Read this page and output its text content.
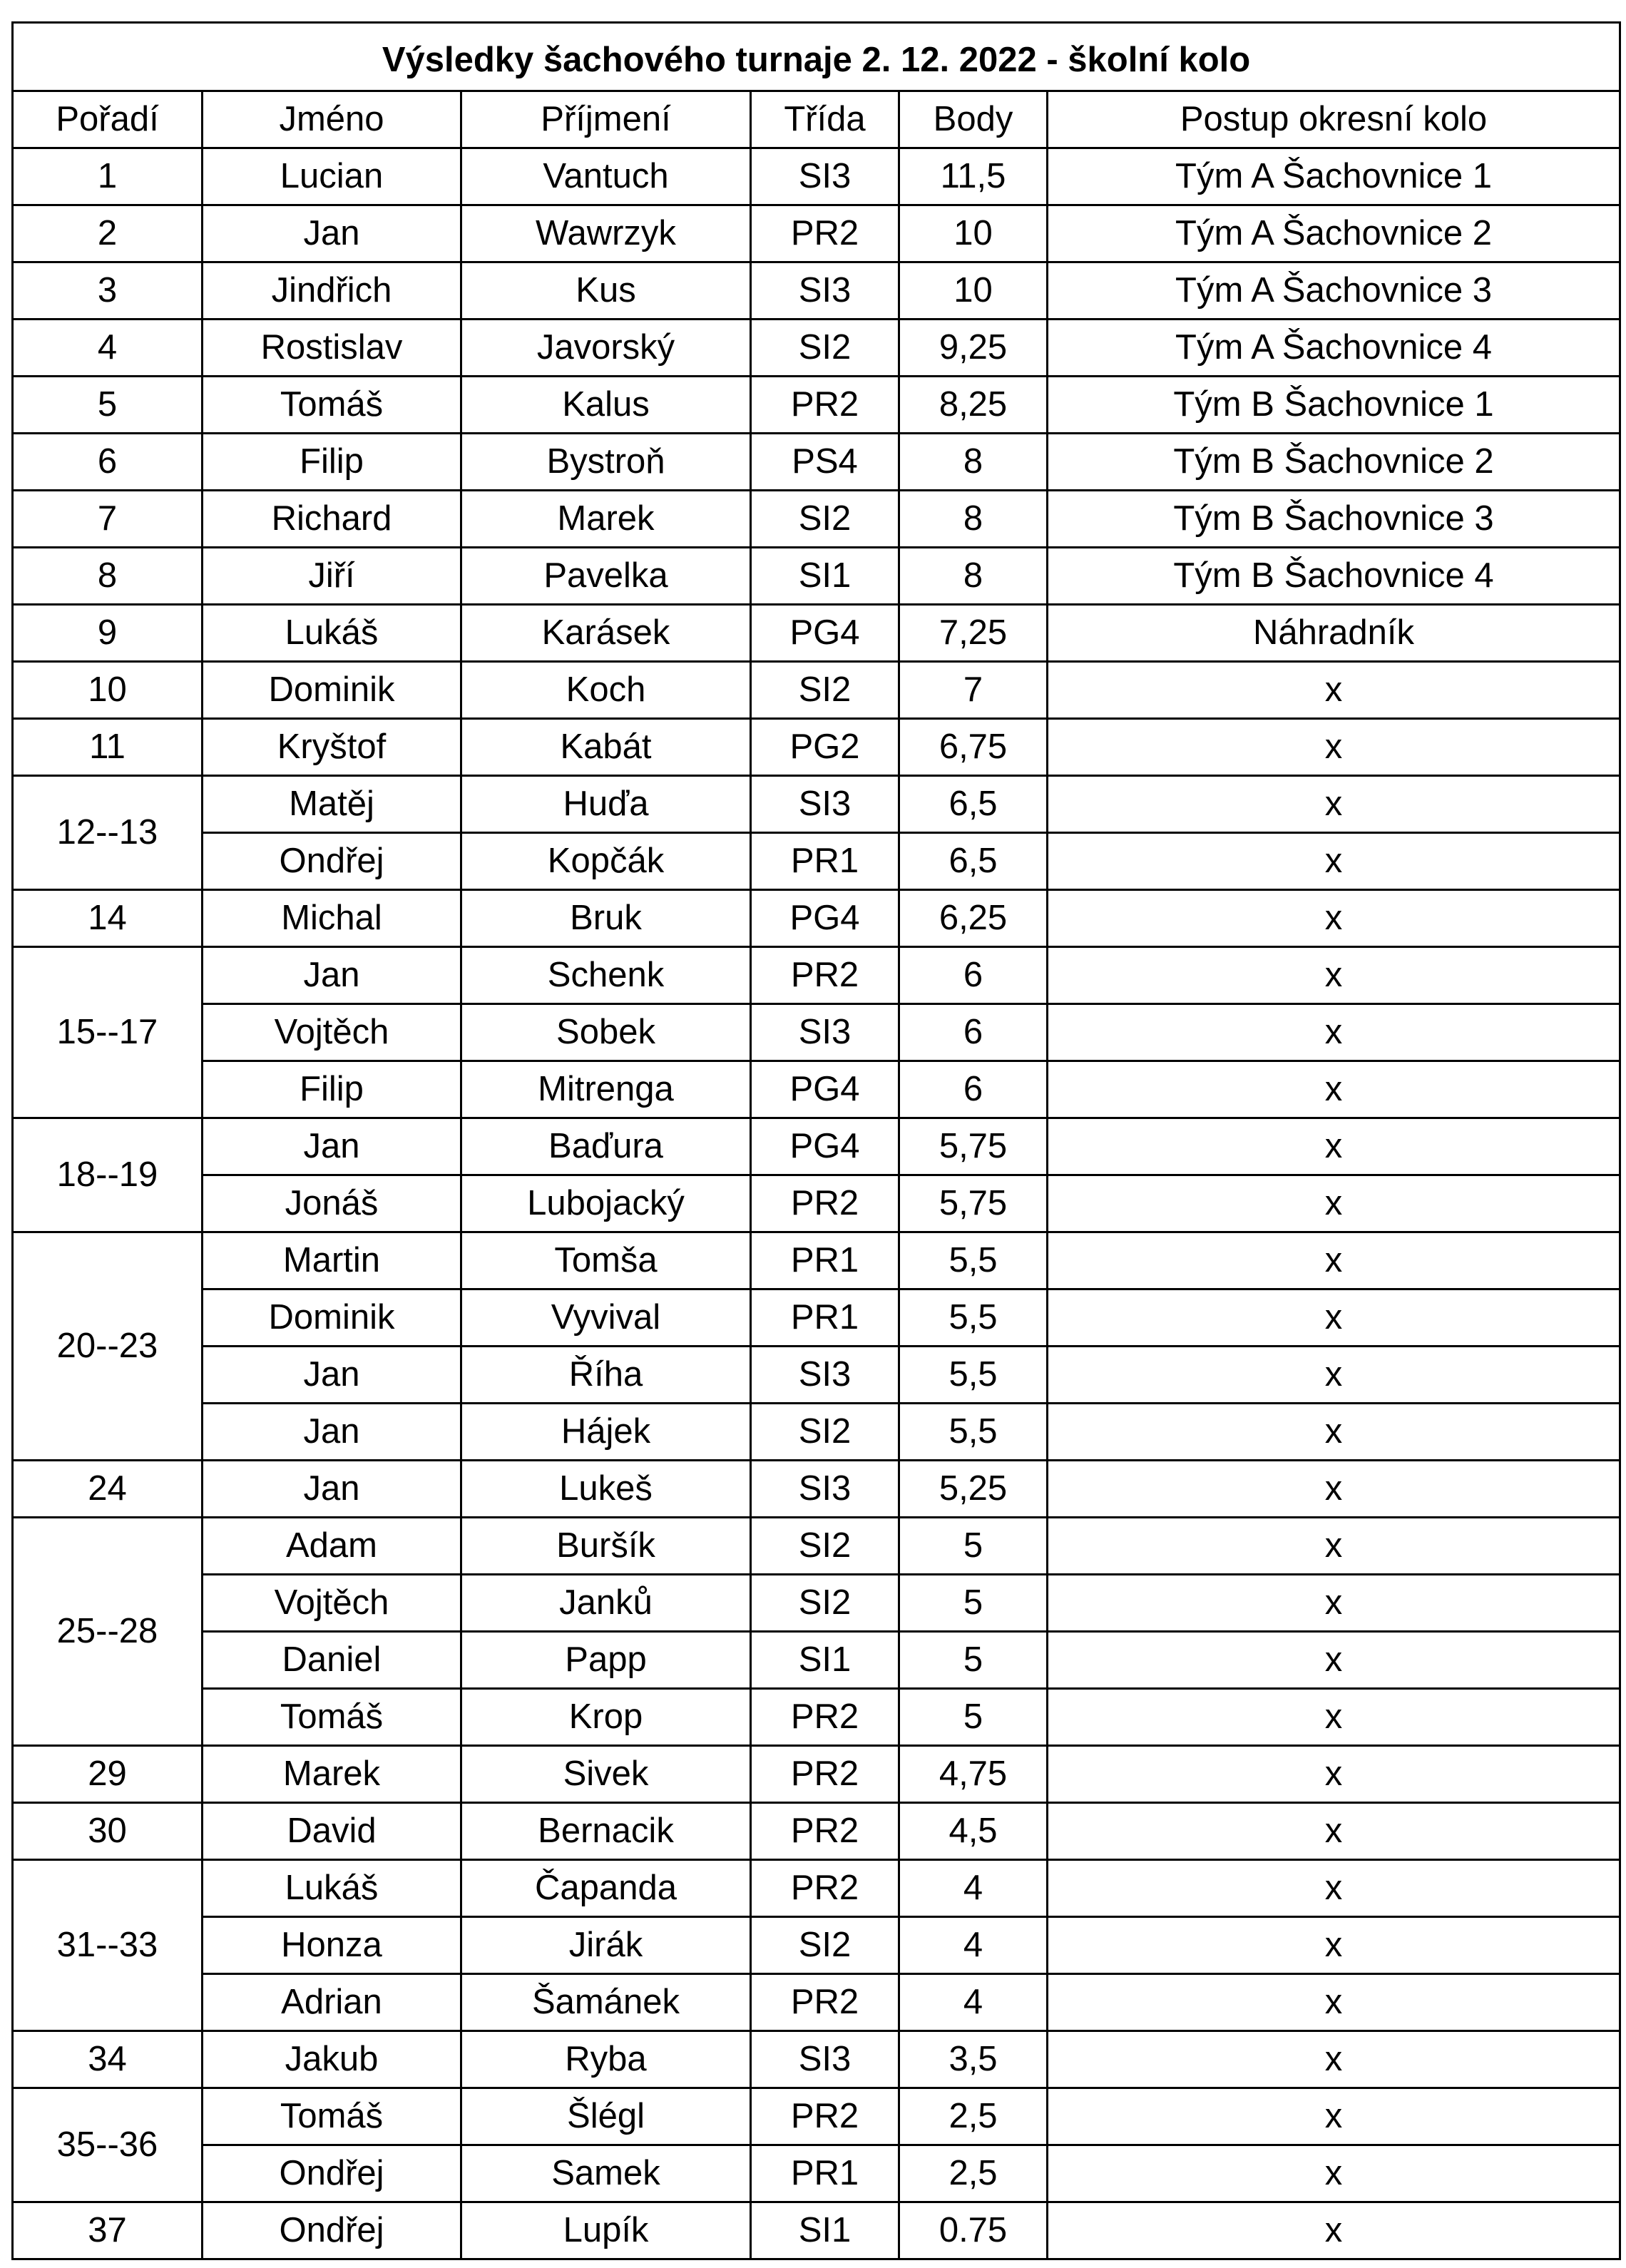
Výsledky šachového turnaje 2. 12. 2022 - školní kolo					
Pořadí	Jméno	Příjmení	Třída	Body	Postup okresní kolo
1	Lucian	Vantuch	SI3	11,5	Tým A Šachovnice 1
2	Jan	Wawrzyk	PR2	10	Tým A Šachovnice 2
3	Jindřich	Kus	SI3	10	Tým A Šachovnice 3
4	Rostislav	Javorský	SI2	9,25	Tým A Šachovnice 4
5	Tomáš	Kalus	PR2	8,25	Tým B Šachovnice 1
6	Filip	Bystroň	PS4	8	Tým B Šachovnice 2
7	Richard	Marek	SI2	8	Tým B Šachovnice 3
8	Jiří	Pavelka	SI1	8	Tým B Šachovnice 4
9	Lukáš	Karásek	PG4	7,25	Náhradník
10	Dominik	Koch	SI2	7	x
11	Kryštof	Kabát	PG2	6,75	x
12--13	Matěj	Huďa	SI3	6,5	x
	Ondřej	Kopčák	PR1	6,5	x
14	Michal	Bruk	PG4	6,25	x
15--17	Jan	Schenk	PR2	6	x
	Vojtěch	Sobek	SI3	6	x
	Filip	Mitrenga	PG4	6	x
18--19	Jan	Baďura	PG4	5,75	x
	Jonáš	Lubojacký	PR2	5,75	x
20--23	Martin	Tomša	PR1	5,5	x
	Dominik	Vyvival	PR1	5,5	x
	Jan	Říha	SI3	5,5	x
	Jan	Hájek	SI2	5,5	x
24	Jan	Lukeš	SI3	5,25	x
25--28	Adam	Buršík	SI2	5	x
	Vojtěch	Janků	SI2	5	x
	Daniel	Papp	SI1	5	x
	Tomáš	Krop	PR2	5	x
29	Marek	Sivek	PR2	4,75	x
30	David	Bernacik	PR2	4,5	x
31--33	Lukáš	Čapanda	PR2	4	x
	Honza	Jirák	SI2	4	x
	Adrian	Šamánek	PR2	4	x
34	Jakub	Ryba	SI3	3,5	x
35--36	Tomáš	Šlégl	PR2	2,5	x
	Ondřej	Samek	PR1	2,5	x
37	Ondřej	Lupík	SI1	0.75	x
